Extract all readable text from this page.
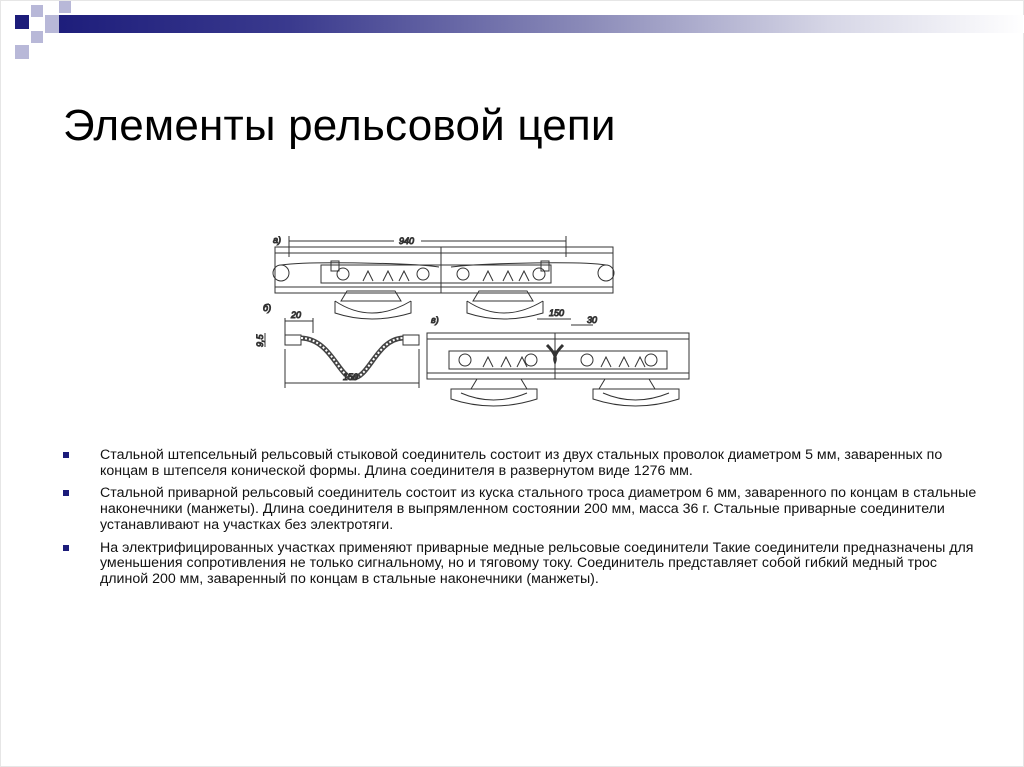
Элементы рельсовой цепи
а)	940
б)
20
9,5
150
в)
150
30
Стальной штепсельный рельсовый стыковой соединитель состоит из двух стальных проволок диаметром 5 мм, заваренных по концам в штепселя конической формы. Длина соединителя в развернутом виде 1276 мм.
Стальной приварной рельсовый соединитель состоит из куска стального троса диаметром 6 мм, заваренного по концам в стальные наконечники (манжеты). Длина соединителя в выпрямленном состоянии 200 мм, масса 36 г. Стальные приварные соединители устанавливают на участках без электротяги.
На электрифицированных участках применяют приварные медные рельсовые соединители Такие соединители предназначены для уменьшения сопротивления не только сигнальному, но и тяговому току. Соединитель представляет собой гибкий медный трос длиной 200 мм, заваренный по концам в стальные наконечники (манжеты).
